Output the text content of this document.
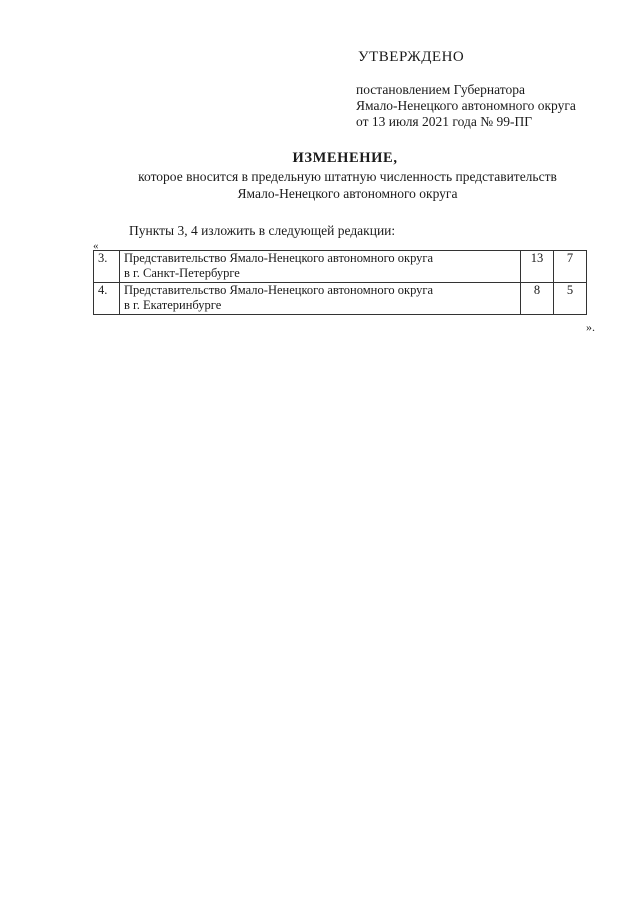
УТВЕРЖДЕНО
постановлением Губернатора
Ямало-Ненецкого автономного округа
от 13 июля 2021 года № 99-ПГ
ИЗМЕНЕНИЕ,
которое вносится в предельную штатную численность представительств
Ямало-Ненецкого автономного округа
Пункты 3, 4 изложить в следующей редакции:
«
3.	Представительство Ямало-Ненецкого автономного округа
в г. Санкт-Петербурге	13	7
4.	Представительство Ямало-Ненецкого автономного округа
в г. Екатеринбурге	8	5
».
